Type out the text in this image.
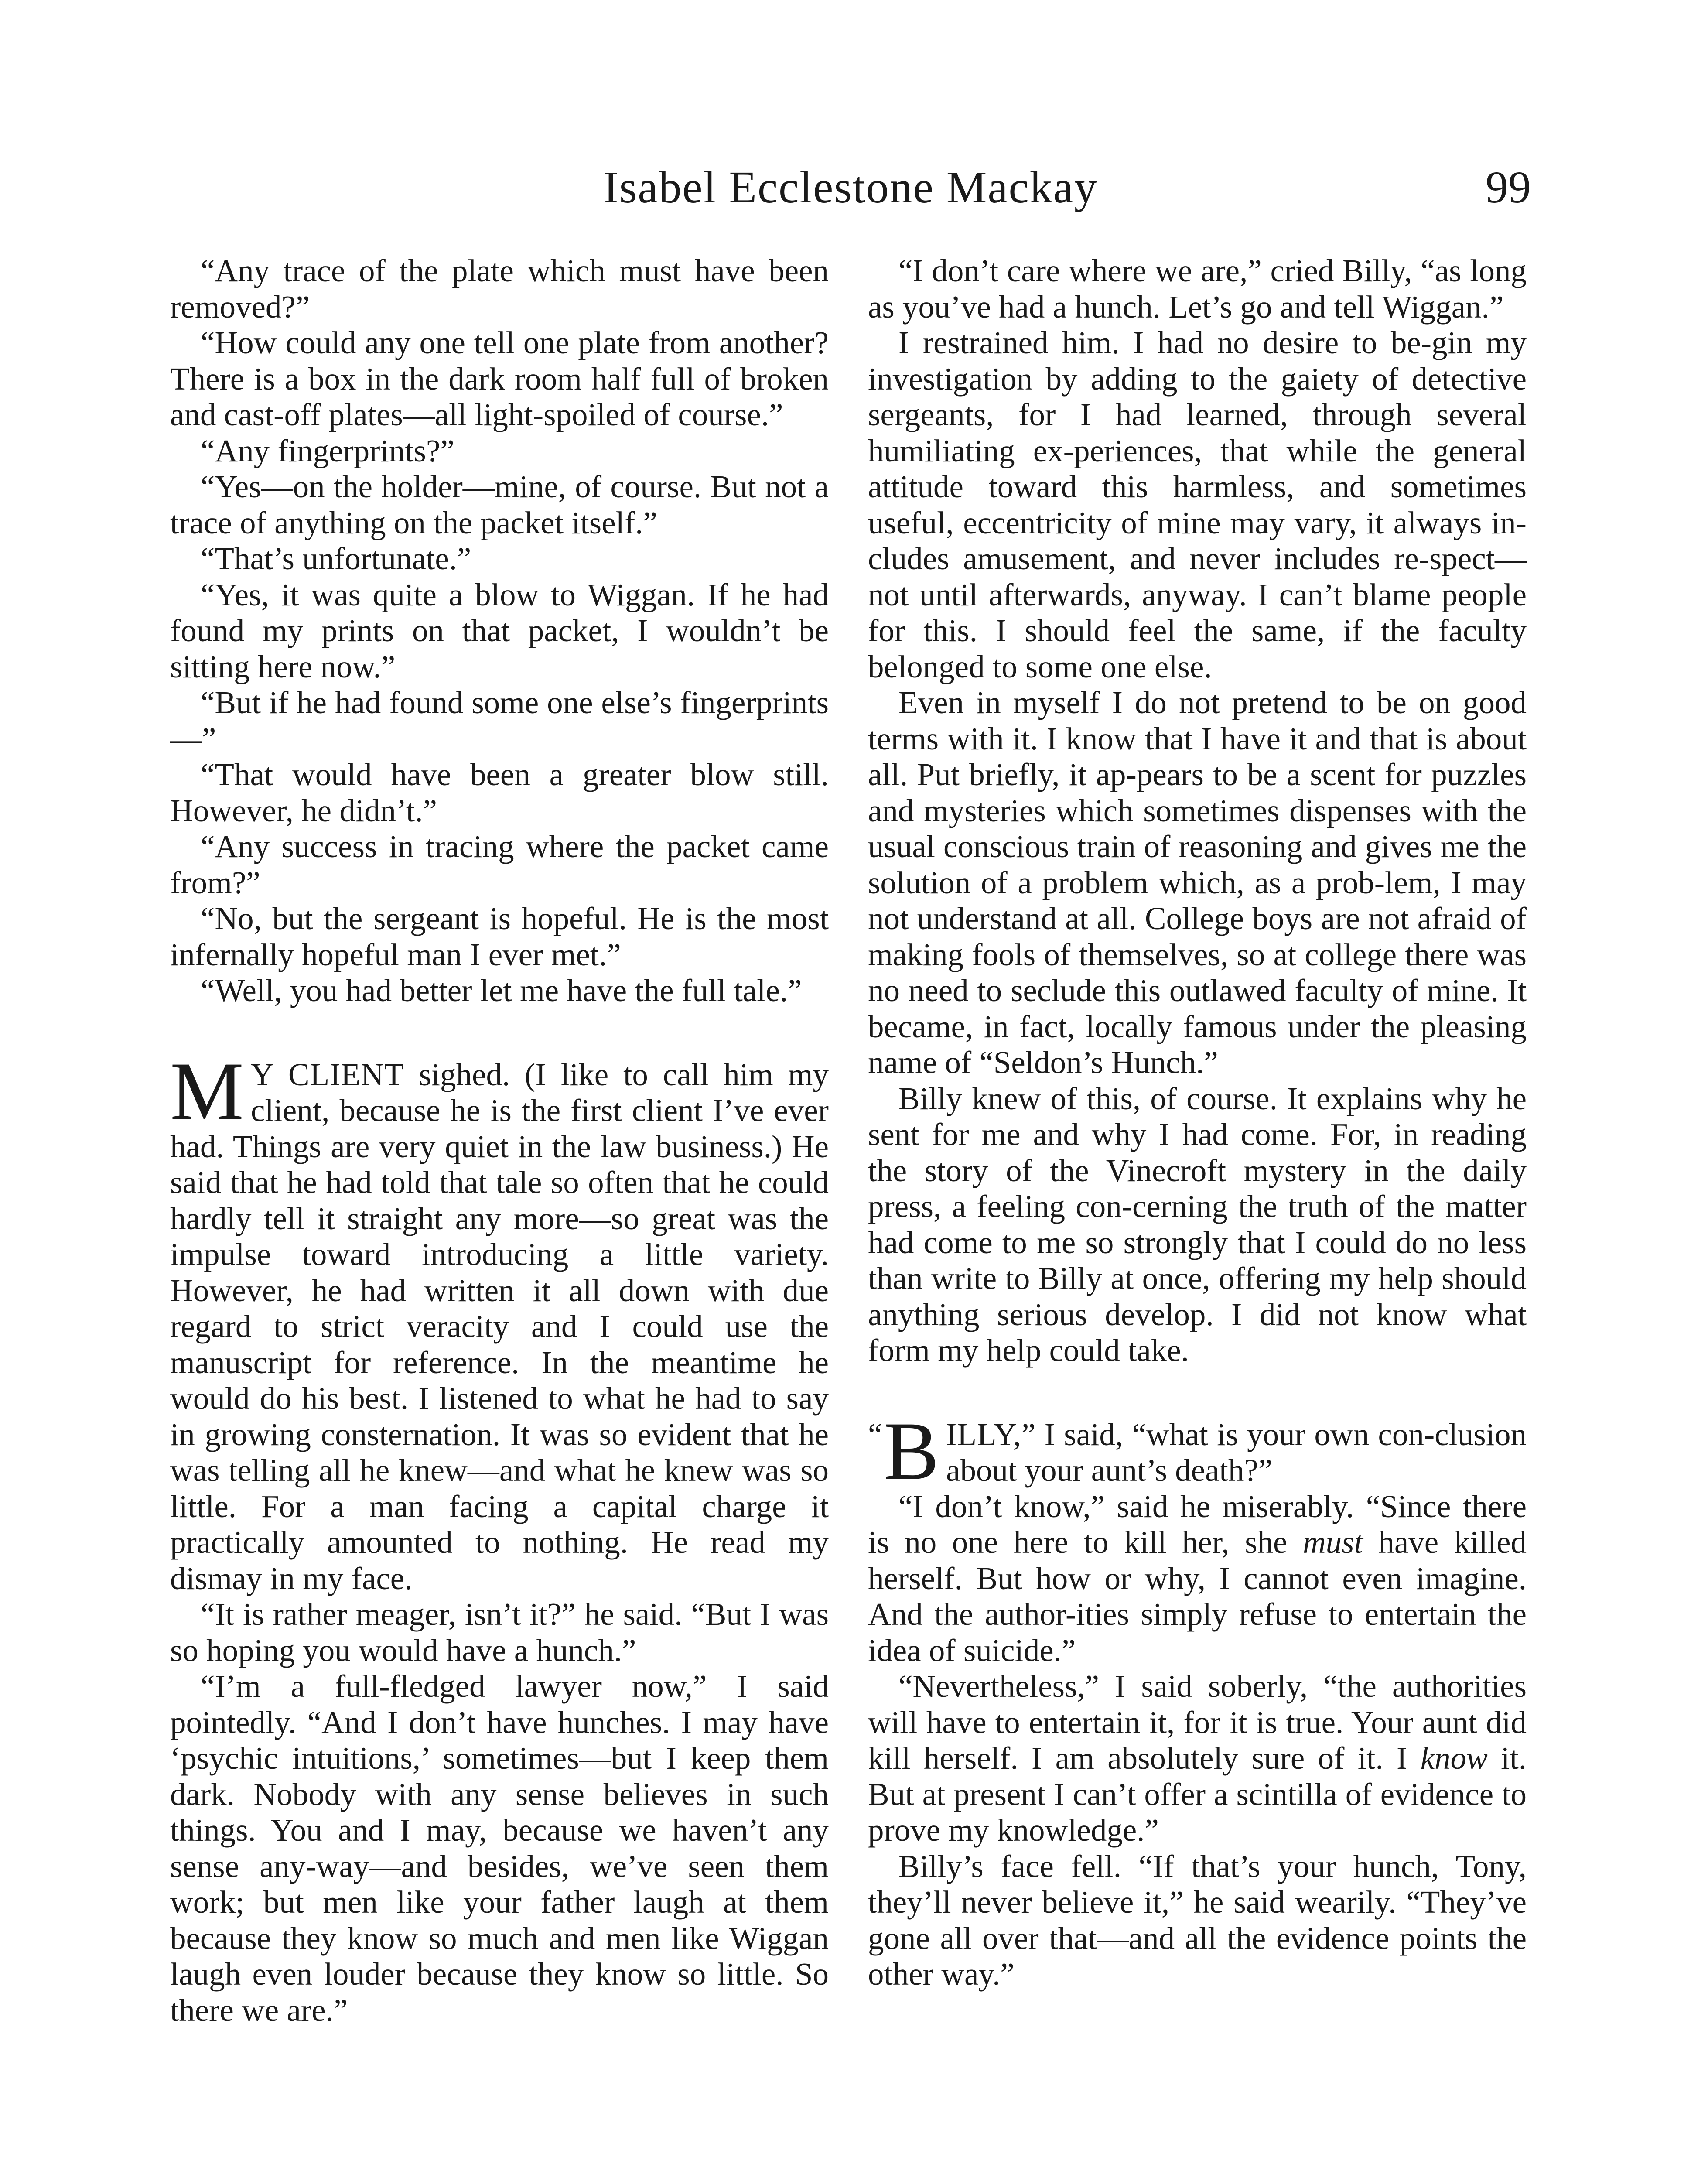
Isabel Ecclestone Mackay	99

“Any trace of the plate which must have been removed?”

“How could any one tell one plate from another? There is a box in the dark room half full of broken and cast-off plates—all light-spoiled of course.”

“Any fingerprints?”

“Yes—on the holder—mine, of course. But not a trace of anything on the packet itself.”

“That’s unfortunate.”

“Yes, it was quite a blow to Wiggan. If he had found my prints on that packet, I wouldn’t be sitting here now.”

“But if he had found some one else’s fingerprints—”

“That would have been a greater blow still. However, he didn’t.”

“Any success in tracing where the packet came from?”

“No, but the sergeant is hopeful. He is the most infernally hopeful man I ever met.”

“Well, you had better let me have the full tale.”

M Y CLIENT sighed. (I like to call him my client, because he is the first client I’ve ever had. Things are very quiet in the law business.) He said that he had told that tale so often that he could hardly tell it straight any more—so great was the impulse toward introducing a little variety. However, he had written it all down with due regard to strict veracity and I could use the manuscript for reference. In the meantime he would do his best. I listened to what he had to say in growing consternation. It was so evident that he was telling all he knew—and what he knew was so little. For a man facing a capital charge it practically amounted to nothing. He read my dismay in my face.

“It is rather meager, isn’t it?” he said. “But I was so hoping you would have a hunch.”

“I’m a full-fledged lawyer now,” I said pointedly. “And I don’t have hunches. I may have ‘psychic intuitions,’ sometimes—but I keep them dark. Nobody with any sense believes in such things. You and I may, because we haven’t any sense any-way—and besides, we’ve seen them work; but men like your father laugh at them because they know so much and men like Wiggan laugh even louder because they know so little. So there we are.”

“I don’t care where we are,” cried Billy, “as long as you’ve had a hunch. Let’s go and tell Wiggan.”

I restrained him. I had no desire to be-gin my investigation by adding to the gaiety of detective sergeants, for I had learned, through several humiliating ex-periences, that while the general attitude toward this harmless, and sometimes useful, eccentricity of mine may vary, it always in-cludes amusement, and never includes re-spect—not until afterwards, anyway. I can’t blame people for this. I should feel the same, if the faculty belonged to some one else.

Even in myself I do not pretend to be on good terms with it. I know that I have it and that is about all. Put briefly, it ap-pears to be a scent for puzzles and mysteries which sometimes dispenses with the usual conscious train of reasoning and gives me the solution of a problem which, as a prob-lem, I may not understand at all. College boys are not afraid of making fools of themselves, so at college there was no need to seclude this outlawed faculty of mine. It became, in fact, locally famous under the pleasing name of “Seldon’s Hunch.”

Billy knew of this, of course. It explains why he sent for me and why I had come. For, in reading the story of the Vinecroft mystery in the daily press, a feeling con-cerning the truth of the matter had come to me so strongly that I could do no less than write to Billy at once, offering my help should anything serious develop. I did not know what form my help could take.

“ B ILLY,” I said, “what is your own con-clusion about your aunt’s death?”

“I don’t know,” said he miserably. “Since there is no one here to kill her, she must have killed herself. But how or why, I cannot even imagine. And the author-ities simply refuse to entertain the idea of suicide.”

“Nevertheless,” I said soberly, “the authorities will have to entertain it, for it is true. Your aunt did kill herself. I am absolutely sure of it. I know it. But at present I can’t offer a scintilla of evidence to prove my knowledge.”

Billy’s face fell. “If that’s your hunch, Tony, they’ll never believe it,” he said wearily. “They’ve gone all over that—and all the evidence points the other way.”
